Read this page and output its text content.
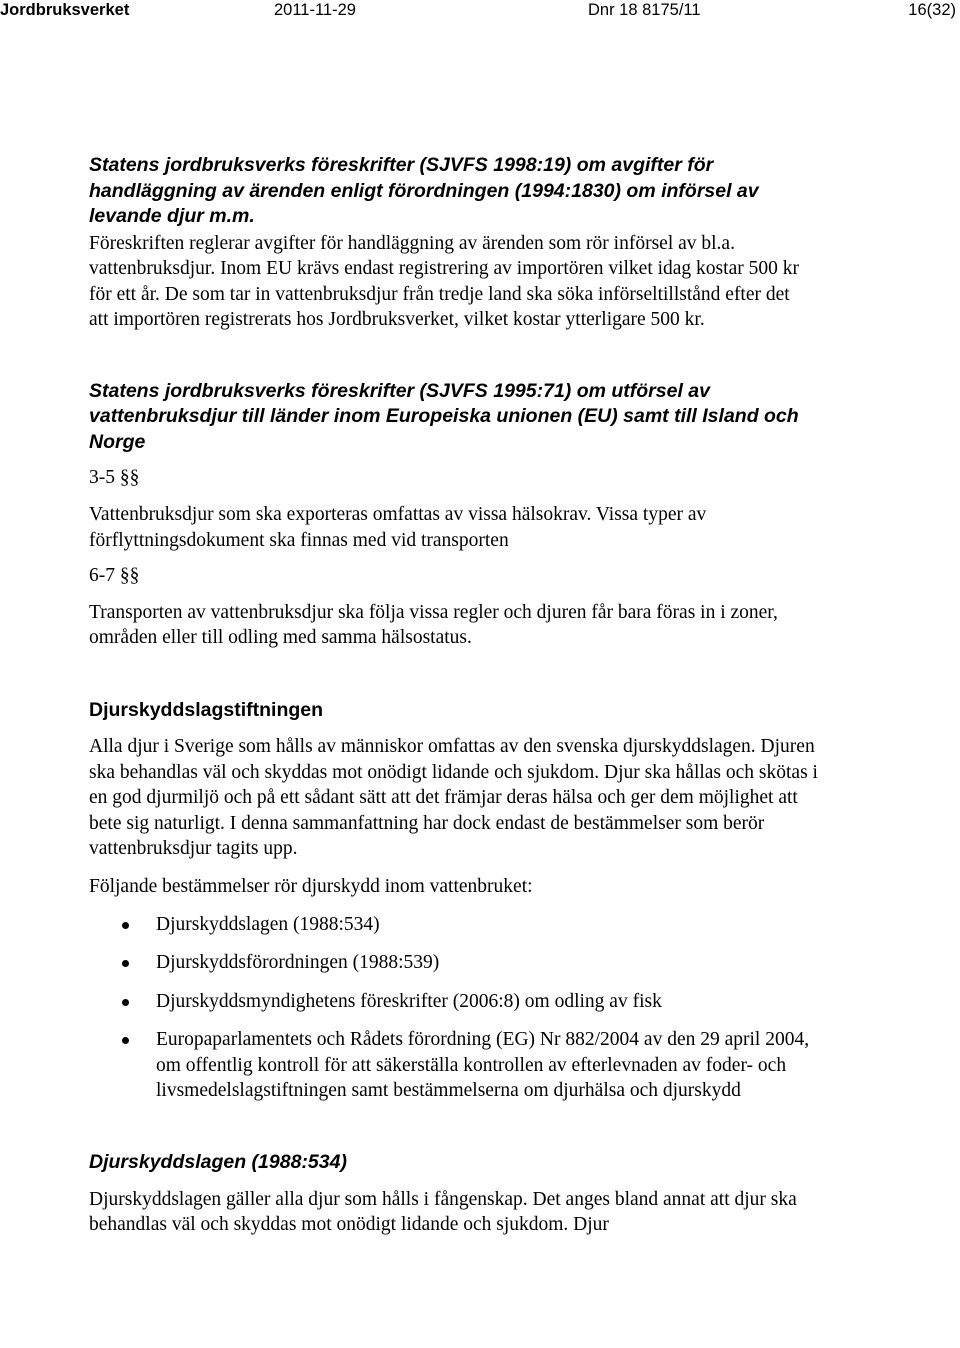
Jordbruksverket	2011-11-29	Dnr 18 8175/11	16(32)
Statens jordbruksverks föreskrifter (SJVFS 1998:19) om avgifter för handläggning av ärenden enligt förordningen (1994:1830) om införsel av levande djur m.m.

Föreskriften reglerar avgifter för handläggning av ärenden som rör införsel av bl.a. vattenbruksdjur. Inom EU krävs endast registrering av importören vilket idag kostar 500 kr för ett år. De som tar in vattenbruksdjur från tredje land ska söka införseltillstånd efter det att importören registrerats hos Jordbruksverket, vilket kostar ytterligare 500 kr.

Statens jordbruksverks föreskrifter (SJVFS 1995:71) om utförsel av vattenbruksdjur till länder inom Europeiska unionen (EU) samt till Island och Norge

3-5 §§

Vattenbruksdjur som ska exporteras omfattas av vissa hälsokrav. Vissa typer av förflyttningsdokument ska finnas med vid transporten

6-7 §§

Transporten av vattenbruksdjur ska följa vissa regler och djuren får bara föras in i zoner, områden eller till odling med samma hälsostatus.

Djurskyddslagstiftningen

Alla djur i Sverige som hålls av människor omfattas av den svenska djurskyddslagen. Djuren ska behandlas väl och skyddas mot onödigt lidande och sjukdom. Djur ska hållas och skötas i en god djurmiljö och på ett sådant sätt att det främjar deras hälsa och ger dem möjlighet att bete sig naturligt. I denna sammanfattning har dock endast de bestämmelser som berör vattenbruksdjur tagits upp.

Följande bestämmelser rör djurskydd inom vattenbruket:

Djurskyddslagen (1988:534)
Djurskyddsförordningen (1988:539)
Djurskyddsmyndighetens föreskrifter (2006:8) om odling av fisk
Europaparlamentets och Rådets förordning (EG) Nr 882/2004 av den 29 april 2004, om offentlig kontroll för att säkerställa kontrollen av efterlevnaden av foder- och livsmedelslagstiftningen samt bestämmelserna om djurhälsa och djurskydd
Djurskyddslagen (1988:534)

Djurskyddslagen gäller alla djur som hålls i fångenskap. Det anges bland annat att djur ska behandlas väl och skyddas mot onödigt lidande och sjukdom. Djur
